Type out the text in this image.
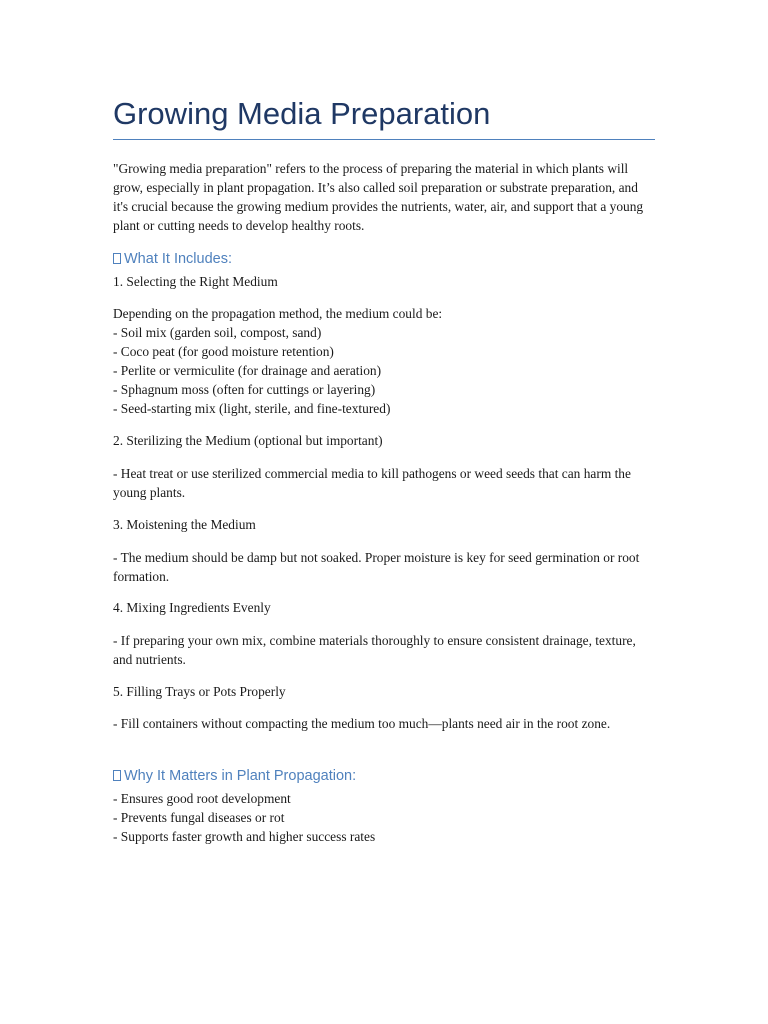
Growing Media Preparation

"Growing media preparation" refers to the process of preparing the material in which plants will grow, especially in plant propagation. It’s also called soil preparation or substrate preparation, and it's crucial because the growing medium provides the nutrients, water, air, and support that a young plant or cutting needs to develop healthy roots.

What It Includes:

1. Selecting the Right Medium

Depending on the propagation method, the medium could be:

- Soil mix (garden soil, compost, sand)
- Coco peat (for good moisture retention)
- Perlite or vermiculite (for drainage and aeration)
- Sphagnum moss (often for cuttings or layering)
- Seed-starting mix (light, sterile, and fine-textured)

2. Sterilizing the Medium (optional but important)

- Heat treat or use sterilized commercial media to kill pathogens or weed seeds that can harm the young plants.

3. Moistening the Medium

- The medium should be damp but not soaked. Proper moisture is key for seed germination or root formation.

4. Mixing Ingredients Evenly

- If preparing your own mix, combine materials thoroughly to ensure consistent drainage, texture, and nutrients.

5. Filling Trays or Pots Properly

- Fill containers without compacting the medium too much—plants need air in the root zone.

Why It Matters in Plant Propagation:
- Ensures good root development
- Prevents fungal diseases or rot
- Supports faster growth and higher success rates
